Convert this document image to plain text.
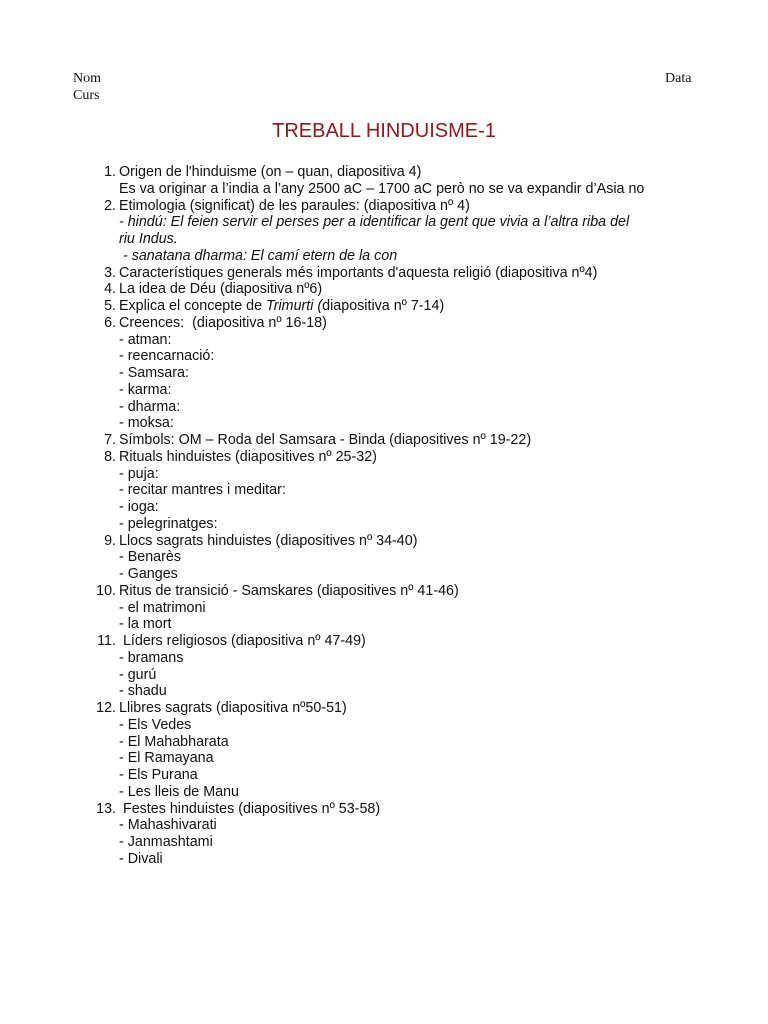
Nom
Curs
Data
TREBALL HINDUISME-1
1. Origen de l'hinduisme (on – quan, diapositiva 4)
Es va originar a l’india a l’any 2500 aC – 1700 aC però no se va expandir d’Asia no
2. Etimologia (significat) de les paraules: (diapositiva nº 4)
- hindú: El feien servir el perses per a identificar la gent que vivia a l’altra riba del
riu Indus.
- sanatana dharma: El camí etern de la con
3. Característiques generals més importants d'aquesta religió (diapositiva nº4)
4. La idea de Déu (diapositiva nº6)
5. Explica el concepte de Trimurti (diapositiva nº 7-14)
6. Creences:  (diapositiva nº 16-18)
- atman:
- reencarnació:
- Samsara:
- karma:
- dharma:
- moksa:
7. Símbols: OM – Roda del Samsara - Binda (diapositives nº 19-22)
8. Rituals hinduistes (diapositives nº 25-32)
- puja:
- recitar mantres i meditar:
- ioga:
- pelegrinatges:
9. Llocs sagrats hinduistes (diapositives nº 34-40)
- Benarès
- Ganges
10. Ritus de transició - Samskares (diapositives nº 41-46)
- el matrimoni
- la mort
11. Líders religiosos (diapositiva nº 47-49)
- bramans
- gurú
- shadu
12. Llibres sagrats (diapositiva nº50-51)
- Els Vedes
- El Mahabharata
- El Ramayana
- Els Purana
- Les lleis de Manu
13. Festes hinduistes (diapositives nº 53-58)
- Mahashivarati
- Janmashtami
- Divali
